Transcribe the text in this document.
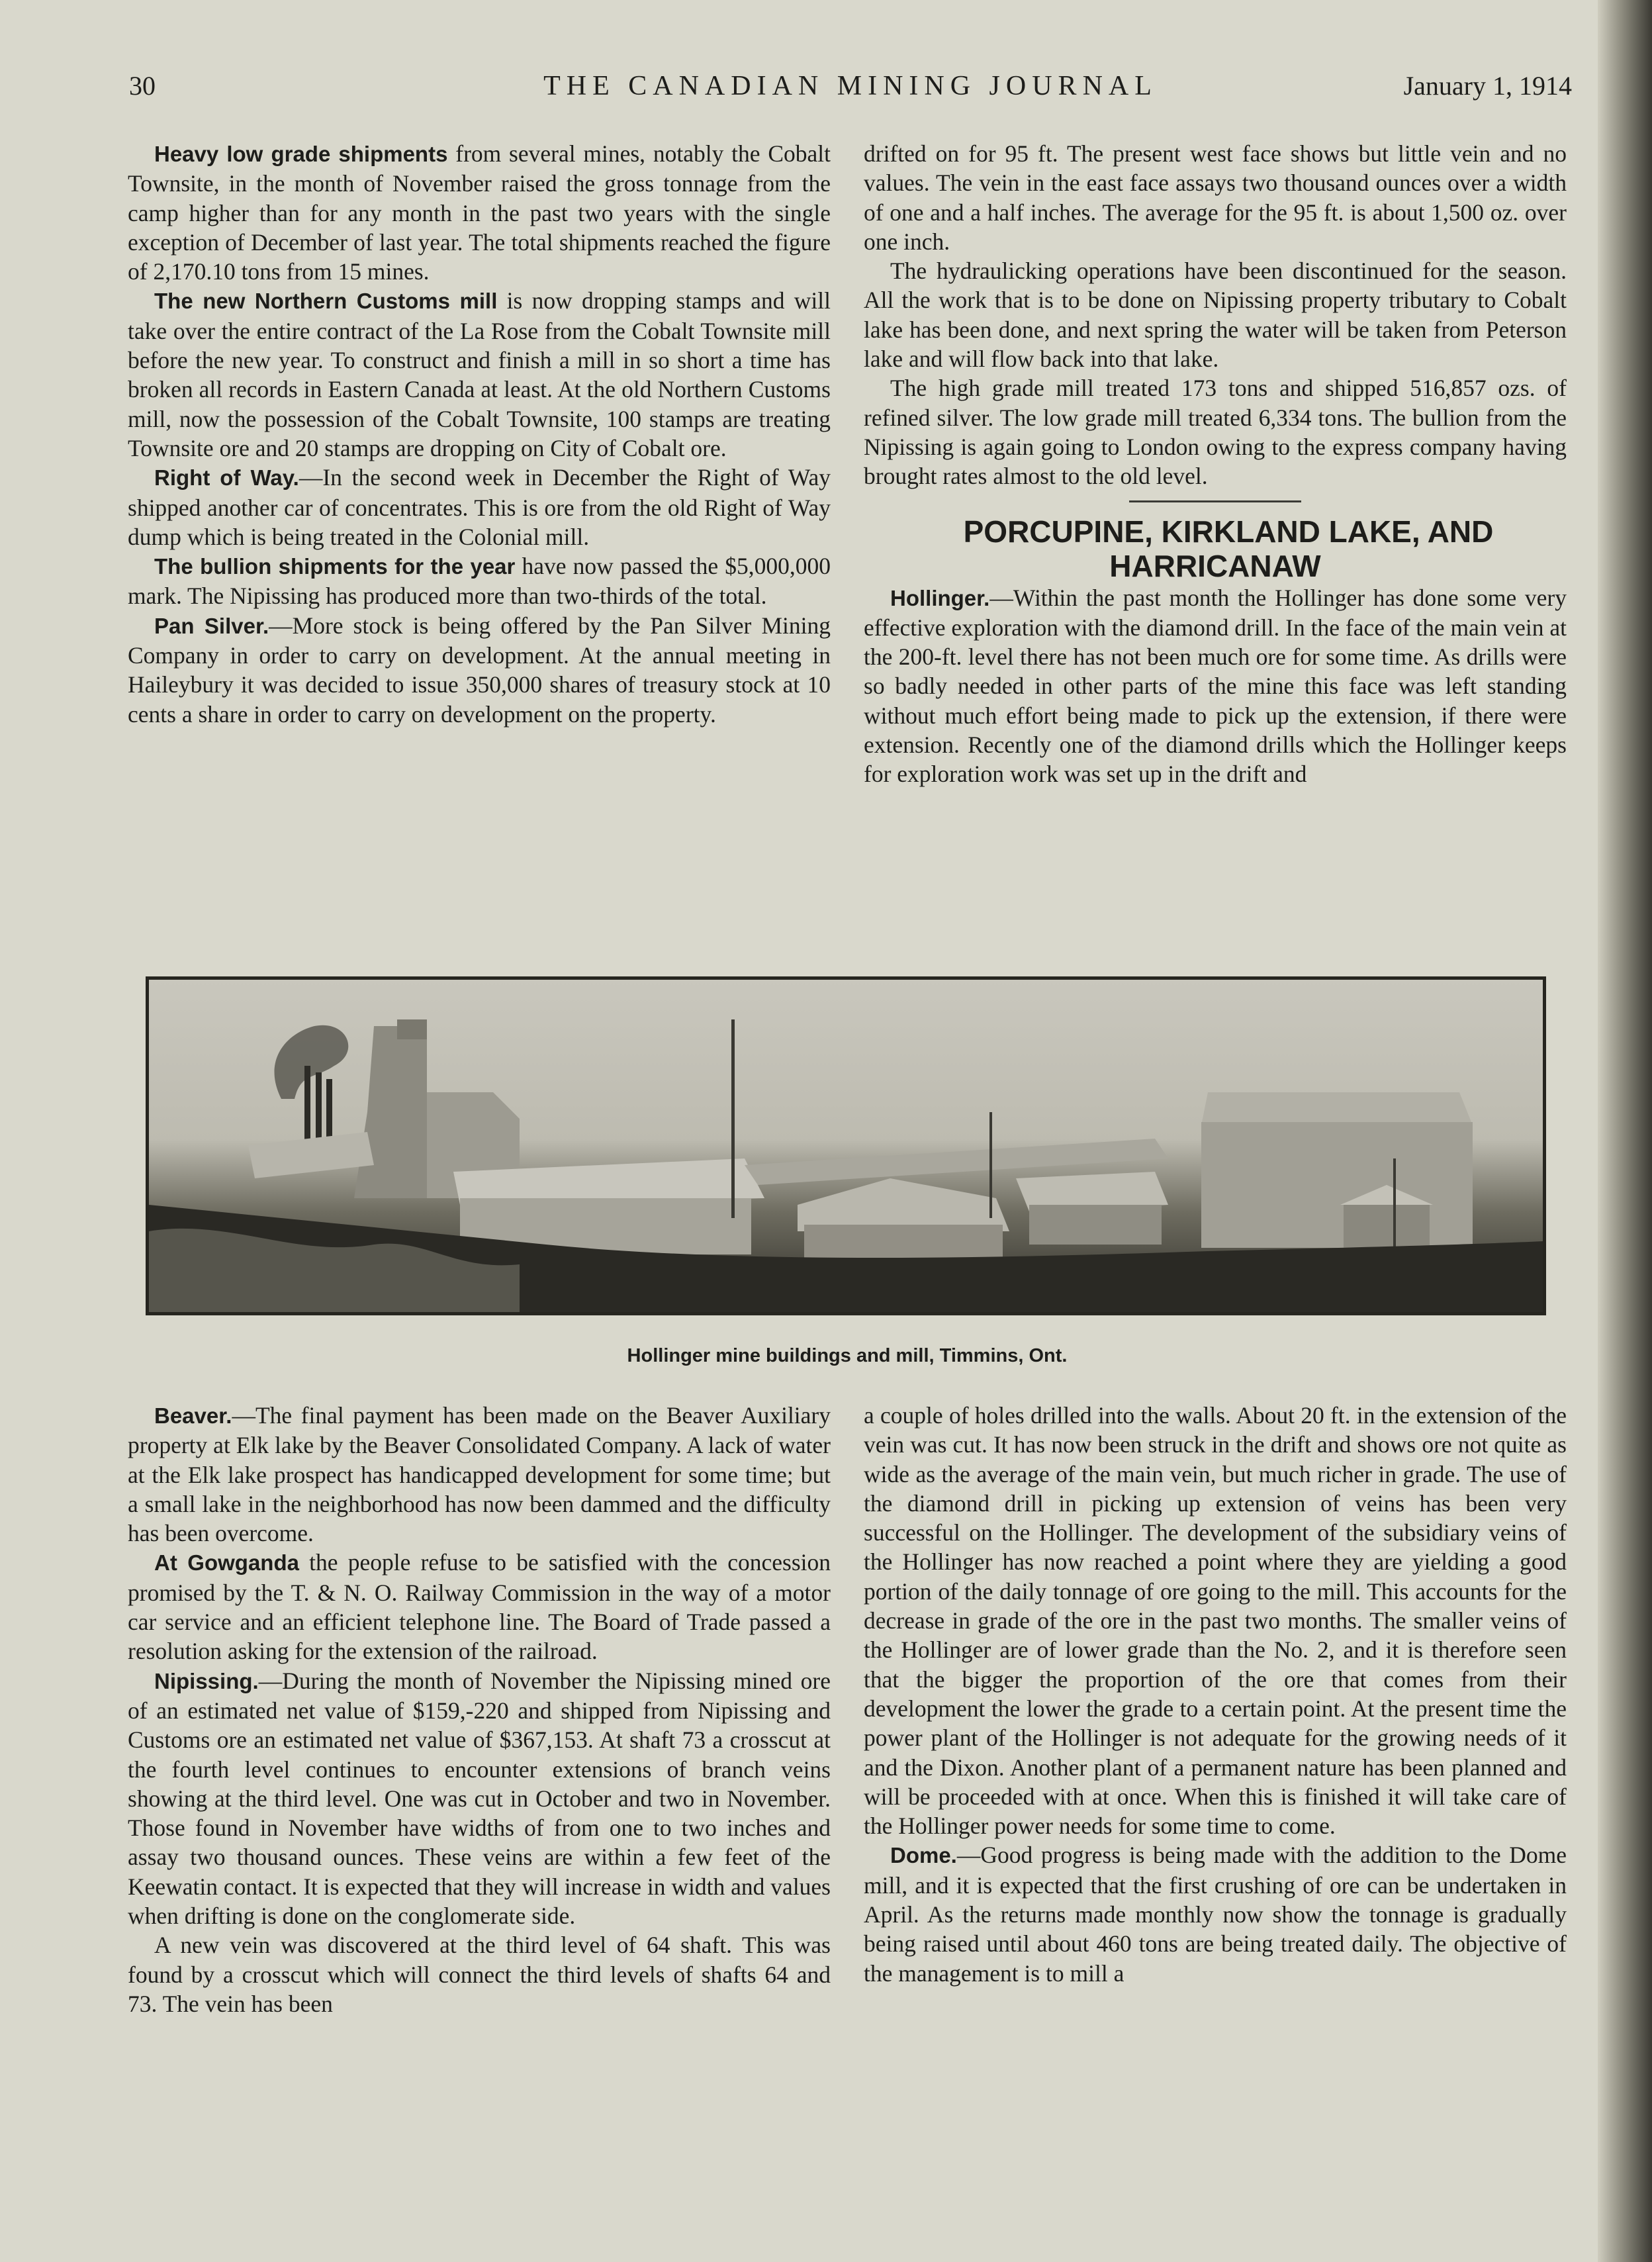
30	THE CANADIAN MINING JOURNAL	January 1, 1914

Heavy low grade shipments from several mines, notably the Cobalt Townsite, in the month of November raised the gross tonnage from the camp higher than for any month in the past two years with the single exception of December of last year. The total shipments reached the figure of 2,170.10 tons from 15 mines.

The new Northern Customs mill is now dropping stamps and will take over the entire contract of the La Rose from the Cobalt Townsite mill before the new year. To construct and finish a mill in so short a time has broken all records in Eastern Canada at least. At the old Northern Customs mill, now the possession of the Cobalt Townsite, 100 stamps are treating Townsite ore and 20 stamps are dropping on City of Cobalt ore.

Right of Way.—In the second week in December the Right of Way shipped another car of concentrates. This is ore from the old Right of Way dump which is being treated in the Colonial mill.

The bullion shipments for the year have now passed the $5,000,000 mark. The Nipissing has produced more than two-thirds of the total.

Pan Silver.—More stock is being offered by the Pan Silver Mining Company in order to carry on development. At the annual meeting in Haileybury it was decided to issue 350,000 shares of treasury stock at 10 cents a share in order to carry on development on the property.

drifted on for 95 ft. The present west face shows but little vein and no values. The vein in the east face assays two thousand ounces over a width of one and a half inches. The average for the 95 ft. is about 1,500 oz. over one inch.

The hydraulicking operations have been discontinued for the season. All the work that is to be done on Nipissing property tributary to Cobalt lake has been done, and next spring the water will be taken from Peterson lake and will flow back into that lake.

The high grade mill treated 173 tons and shipped 516,857 ozs. of refined silver. The low grade mill treated 6,334 tons. The bullion from the Nipissing is again going to London owing to the express company having brought rates almost to the old level.

PORCUPINE, KIRKLAND LAKE, AND
HARRICANAW

Hollinger.—Within the past month the Hollinger has done some very effective exploration with the diamond drill. In the face of the main vein at the 200-ft. level there has not been much ore for some time. As drills were so badly needed in other parts of the mine this face was left standing without much effort being made to pick up the extension, if there were extension. Recently one of the diamond drills which the Hollinger keeps for exploration work was set up in the drift and

Hollinger mine buildings and mill, Timmins, Ont.

Beaver.—The final payment has been made on the Beaver Auxiliary property at Elk lake by the Beaver Consolidated Company. A lack of water at the Elk lake prospect has handicapped development for some time; but a small lake in the neighborhood has now been dammed and the difficulty has been overcome.

At Gowganda the people refuse to be satisfied with the concession promised by the T. & N. O. Railway Commission in the way of a motor car service and an efficient telephone line. The Board of Trade passed a resolution asking for the extension of the railroad.

Nipissing.—During the month of November the Nipissing mined ore of an estimated net value of $159,-220 and shipped from Nipissing and Customs ore an estimated net value of $367,153. At shaft 73 a crosscut at the fourth level continues to encounter extensions of branch veins showing at the third level. One was cut in October and two in November. Those found in November have widths of from one to two inches and assay two thousand ounces. These veins are within a few feet of the Keewatin contact. It is expected that they will increase in width and values when drifting is done on the conglomerate side.

A new vein was discovered at the third level of 64 shaft. This was found by a crosscut which will connect the third levels of shafts 64 and 73. The vein has been

a couple of holes drilled into the walls. About 20 ft. in the extension of the vein was cut. It has now been struck in the drift and shows ore not quite as wide as the average of the main vein, but much richer in grade. The use of the diamond drill in picking up extension of veins has been very successful on the Hollinger. The development of the subsidiary veins of the Hollinger has now reached a point where they are yielding a good portion of the daily tonnage of ore going to the mill. This accounts for the decrease in grade of the ore in the past two months. The smaller veins of the Hollinger are of lower grade than the No. 2, and it is therefore seen that the bigger the proportion of the ore that comes from their development the lower the grade to a certain point. At the present time the power plant of the Hollinger is not adequate for the growing needs of it and the Dixon. Another plant of a permanent nature has been planned and will be proceeded with at once. When this is finished it will take care of the Hollinger power needs for some time to come.

Dome.—Good progress is being made with the addition to the Dome mill, and it is expected that the first crushing of ore can be undertaken in April. As the returns made monthly now show the tonnage is gradually being raised until about 460 tons are being treated daily. The objective of the management is to mill a
